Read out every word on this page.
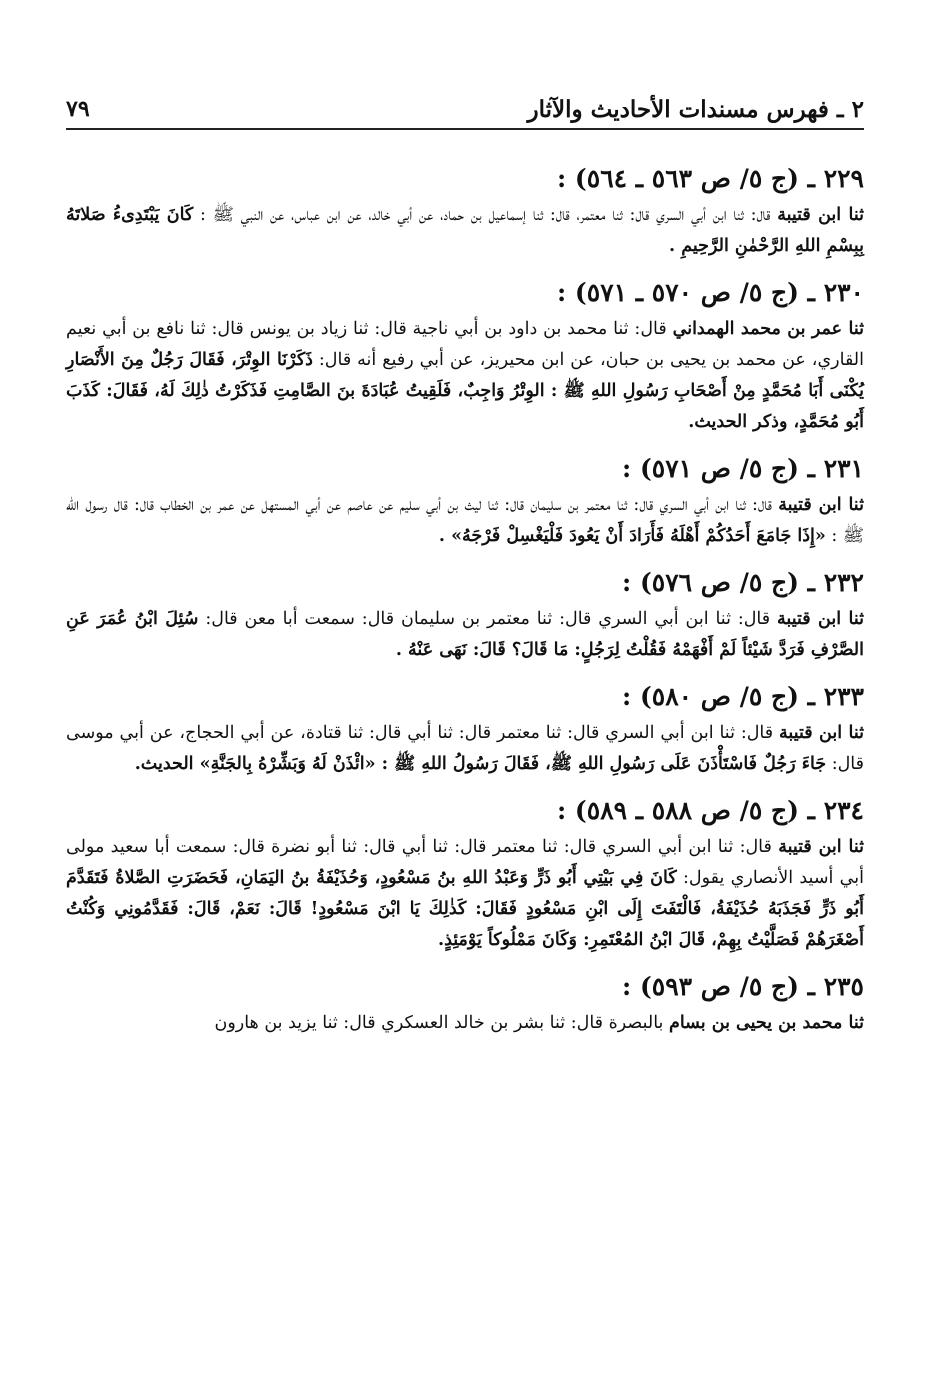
٢ ـ فهرس مسندات الأحاديث والآثار
٧٩

٢٢٩ ـ (ج ٥/ ص ٥٦٣ ـ ٥٦٤) :

ثنا ابن قتيبة قال: ثنا ابن أبي السري قال: ثنا معتمر، قال: ثنا إسماعيل بن حماد، عن أبي خالد، عن ابن عباس، عن النبي ﷺ : كَانَ يَبْتَدِىءُ صَلاتَهُ بِبِسْمِ اللهِ الرَّحْمٰنِ الرَّحِيمِ .

٢٣٠ ـ (ج ٥/ ص ٥٧٠ ـ ٥٧١) :

ثنا عمر بن محمد الهمداني قال: ثنا محمد بن داود بن أبي ناجية قال: ثنا زياد بن يونس قال: ثنا نافع بن أبي نعيم القاري، عن محمد بن يحيى بن حبان، عن ابن محيريز، عن أبي رفيع أنه قال: ذَكَرْنَا الوِتْرَ، فَقَالَ رَجُلٌ مِنَ الأَنْصَارِ يُكْنَى أَبَا مُحَمَّدٍ مِنْ أَصْحَابِ رَسُولِ اللهِ ﷺ : الوِتْرُ وَاجِبٌ، فَلَقِيتُ عُبَادَةَ بنَ الصَّامِتِ فَذَكَرْتُ ذٰلِكَ لَهُ، فَقَالَ: كَذَبَ أَبُو مُحَمَّدٍ، وذكر الحديث.

٢٣١ ـ (ج ٥/ ص ٥٧١) :

ثنا ابن قتيبة قال: ثنا ابن أبي السري قال: ثنا معتمر بن سليمان قال: ثنا ليث بن أبي سليم عن عاصم عن أبي المستهل عن عمر بن الخطاب قال: قال رسول الله ﷺ : «إِذَا جَامَعَ أَحَدُكُمْ أَهْلَهُ فَأَرَادَ أَنْ يَعُودَ فَلْيَغْسِلْ فَرْجَهُ» .

٢٣٢ ـ (ج ٥/ ص ٥٧٦) :

ثنا ابن قتيبة قال: ثنا ابن أبي السري قال: ثنا معتمر بن سليمان قال: سمعت أبا معن قال: سُئِلَ ابْنُ عُمَرَ عَنِ الصَّرْفِ فَرَدَّ شَيْئاً لَمْ أَفْهَمْهُ فَقُلْتُ لِرَجُلٍ: مَا قَالَ؟ قَالَ: نَهَى عَنْهُ .

٢٣٣ ـ (ج ٥/ ص ٥٨٠) :

ثنا ابن قتيبة قال: ثنا ابن أبي السري قال: ثنا معتمر قال: ثنا أبي قال: ثنا قتادة، عن أبي الحجاج، عن أبي موسى قال: جَاءَ رَجُلٌ فَاسْتَأْذَنَ عَلَى رَسُولِ اللهِ ﷺ، فَقَالَ رَسُولُ اللهِ ﷺ : «ائْذَنْ لَهُ وَبَشِّرْهُ بِالجَنَّةِ» الحديث.

٢٣٤ ـ (ج ٥/ ص ٥٨٨ ـ ٥٨٩) :

ثنا ابن قتيبة قال: ثنا ابن أبي السري قال: ثنا معتمر قال: ثنا أبي قال: ثنا أبو نضرة قال: سمعت أبا سعيد مولى أبي أسيد الأنصاري يقول: كَانَ فِي بَيْتِي أَبُو ذَرٍّ وَعَبْدُ اللهِ بنُ مَسْعُودٍ، وَحُذَيْفَةُ بنُ اليَمَانِ، فَحَضَرَتِ الصَّلاةُ فَتَقَدَّمَ أَبُو ذَرٍّ فَجَذَبَهُ حُذَيْفَةُ، فَالْتَفَتَ إِلَى ابْنِ مَسْعُودٍ فَقَالَ: كَذٰلِكَ يَا ابْنَ مَسْعُودٍ! قَالَ: نَعَمْ، قَالَ: فَقَدَّمُونِي وَكُنْتُ أَصْغَرَهُمْ فَصَلَّيْتُ بِهِمْ، قَالَ ابْنُ المُعْتَمِرِ: وَكَانَ مَمْلُوكاً يَوْمَئِذٍ.

٢٣٥ ـ (ج ٥/ ص ٥٩٣) :

ثنا محمد بن يحيى بن بسام بالبصرة قال: ثنا بشر بن خالد العسكري قال: ثنا يزيد بن هارون
